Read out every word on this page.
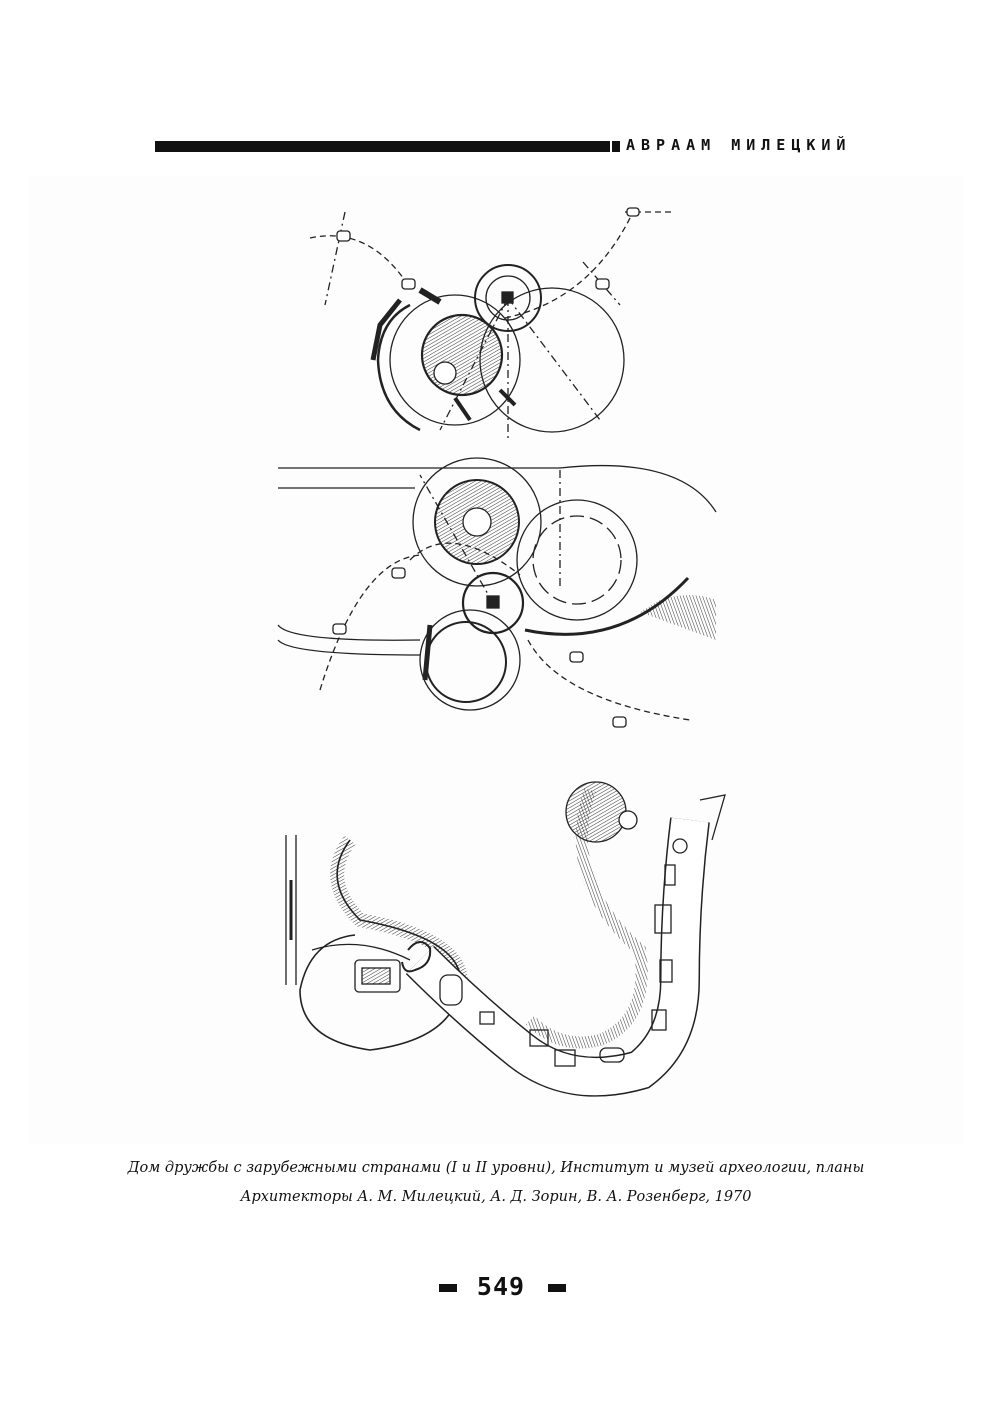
АВРААМ МИЛЕЦКИЙ
Дом дружбы с зарубежными странами (I и II уровни), Институт и музей археологии, планы
Архитекторы А. М. Милецкий, А. Д. Зорин, В. А. Розенберг, 1970
549
